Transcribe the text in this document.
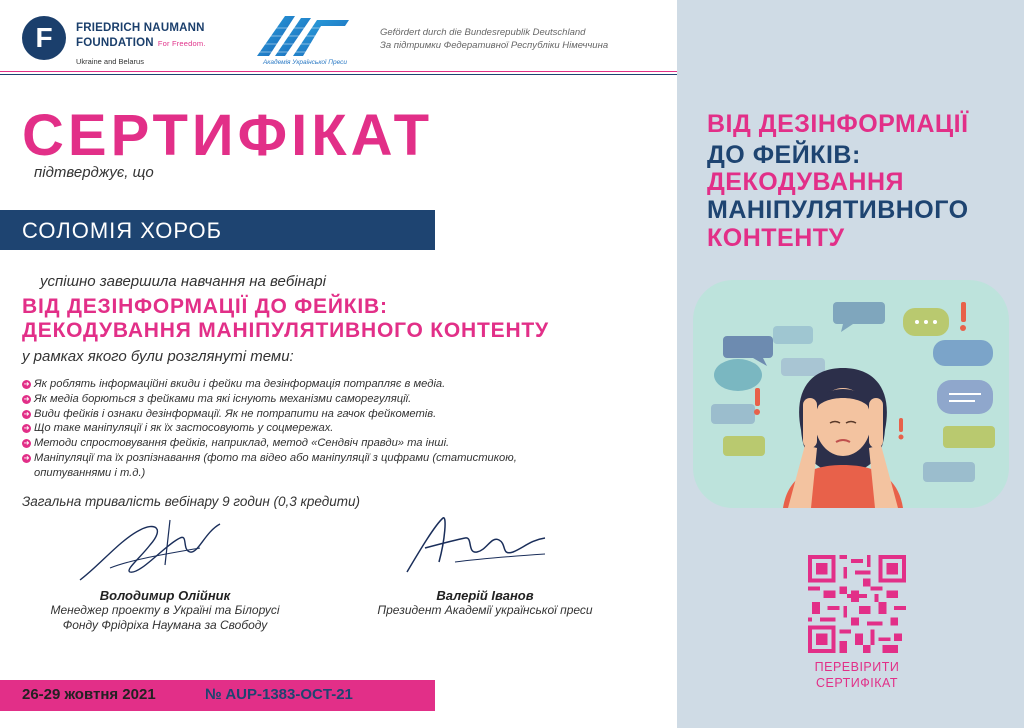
F	FRIEDRICH NAUMANN
FOUNDATION For Freedom.
Ukraine and Belarus	Академія Української Преси
Gefördert durch die Bundesrepublik Deutschland
За підтримки Федеративної Республіки Німеччина
СЕРТИФІКАТ
підтверджує, що
СОЛОМІЯ ХОРОБ
успішно завершила навчання на вебінарі
ВІД ДЕЗІНФОРМАЦІЇ ДО ФЕЙКІВ:
ДЕКОДУВАННЯ МАНІПУЛЯТИВНОГО КОНТЕНТУ
у рамках якого були розглянуті теми:
➜ Як роблять інформаційні вкиди і фейки та дезінформація потрапляє в медіа.
➜ Як медіа борються з фейками та які існують механізми саморегуляції.
➜ Види фейків і ознаки дезінформації. Як не потрапити на гачок фейкометів.
➜ Що таке маніпуляції і як їх застосовують у соцмережах.
➜ Методи спростовування фейків, наприклад, метод «Сендвіч правди» та інші.
➜ Маніпуляції та їх розпізнавання (фото та відео або маніпуляції з цифрами (статистикою, опитуваннями і т.д.)
Загальна тривалість вебінару 9 годин (0,3 кредити)
Володимир Олійник
Менеджер проекту в Україні та Білорусі
Фонду Фрідріха Наумана за Свободу
Валерій Іванов
Президент Академії української преси
26-29 жовтня 2021	№ AUP-1383-OCT-21
ВІД ДЕЗІНФОРМАЦІЇ
ДО ФЕЙКІВ:
ДЕКОДУВАННЯ
МАНІПУЛЯТИВНОГО
КОНТЕНТУ
ПЕРЕВІРИТИ
СЕРТИФІКАТ
